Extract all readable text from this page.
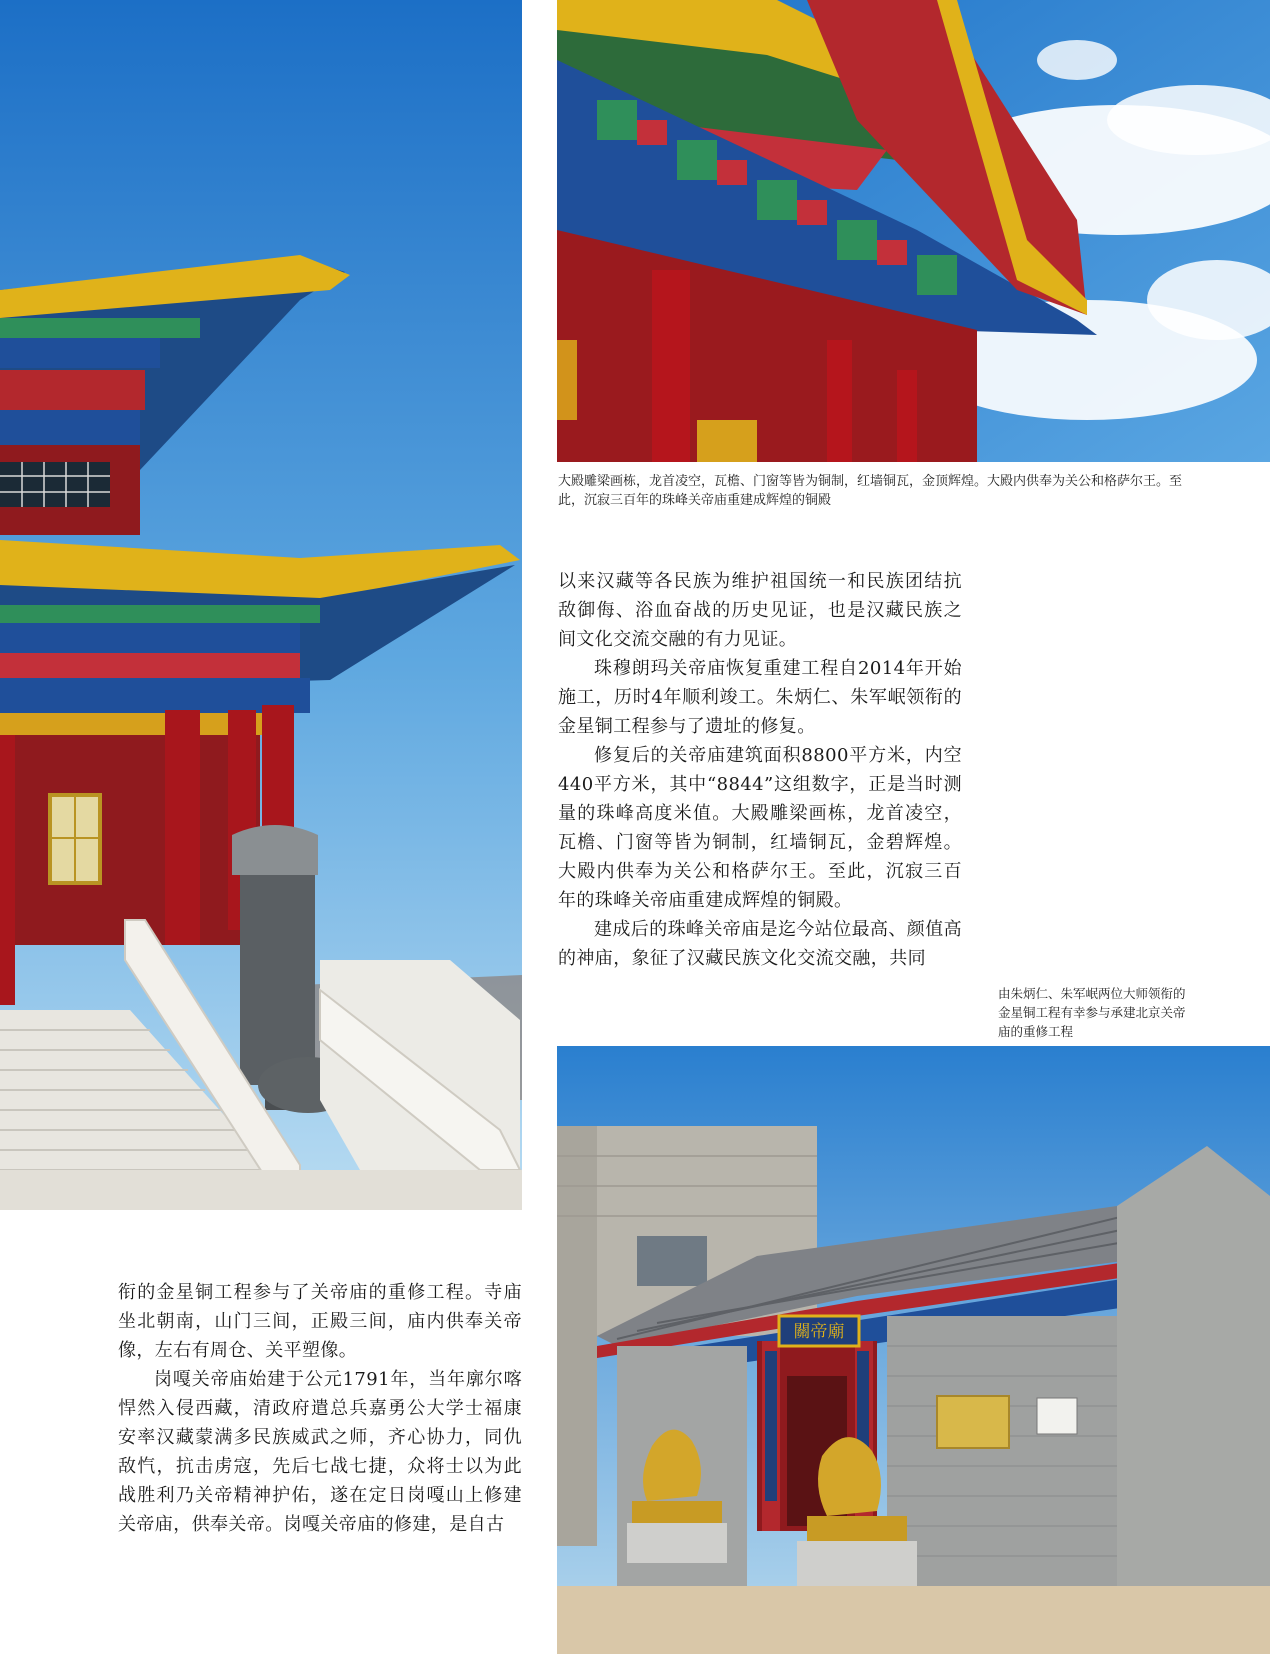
大殿雕梁画栋，龙首凌空，瓦檐、门窗等皆为铜制，红墙铜瓦，金顶辉煌。大殿内供奉为关公和格萨尔王。至此，沉寂三百年的珠峰关帝庙重建成辉煌的铜殿

以来汉藏等各民族为维护祖国统一和民族团结抗敌御侮、浴血奋战的历史见证，也是汉藏民族之间文化交流交融的有力见证。

珠穆朗玛关帝庙恢复重建工程自2014年开始施工，历时4年顺利竣工。朱炳仁、朱军岷领衔的金星铜工程参与了遗址的修复。

修复后的关帝庙建筑面积8800平方米，内空440平方米，其中“8844”这组数字，正是当时测量的珠峰高度米值。大殿雕梁画栋，龙首凌空，瓦檐、门窗等皆为铜制，红墙铜瓦，金碧辉煌。大殿内供奉为关公和格萨尔王。至此，沉寂三百年的珠峰关帝庙重建成辉煌的铜殿。

建成后的珠峰关帝庙是迄今站位最高、颜值高的神庙，象征了汉藏民族文化交流交融，共同

由朱炳仁、朱军岷两位大师领衔的金星铜工程有幸参与承建北京关帝庙的重修工程
關帝廟

衔的金星铜工程参与了关帝庙的重修工程。寺庙坐北朝南，山门三间，正殿三间，庙内供奉关帝像，左右有周仓、关平塑像。

岗嘎关帝庙始建于公元1791年，当年廓尔喀悍然入侵西藏，清政府遣总兵嘉勇公大学士福康安率汉藏蒙满多民族威武之师，齐心协力，同仇敌忾，抗击虏寇，先后七战七捷，众将士以为此战胜利乃关帝精神护佑，遂在定日岗嘎山上修建关帝庙，供奉关帝。岗嘎关帝庙的修建，是自古
